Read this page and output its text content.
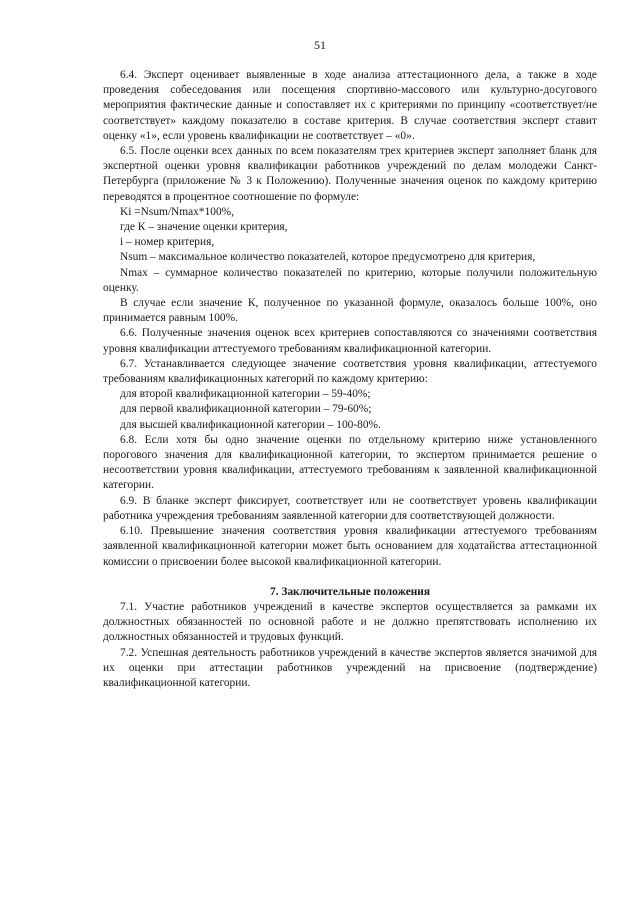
51

6.4. Эксперт оценивает выявленные в ходе анализа аттестационного дела, а также в ходе проведения собеседования или посещения спортивно-массового или культурно-досугового мероприятия фактические данные и сопоставляет их с критериями по принципу «соответствует/не соответствует» каждому показателю в составе критерия. В случае соответствия эксперт ставит оценку «1», если уровень квалификации не соответствует – «0».

6.5. После оценки всех данных по всем показателям трех критериев эксперт заполняет бланк для экспертной оценки уровня квалификации работников учреждений по делам молодежи Санкт-Петербурга (приложение № 3 к Положению). Полученные значения оценок по каждому критерию переводятся в процентное соотношение по формуле:

Ki =Nsum/Nmax*100%,

где К – значение оценки критерия,

i – номер критерия,

Nsum – максимальное количество показателей, которое предусмотрено для критерия,

Nmax – суммарное количество показателей по критерию, которые получили положительную оценку.

В случае если значение К, полученное по указанной формуле, оказалось больше 100%, оно принимается равным 100%.

6.6. Полученные значения оценок всех критериев сопоставляются со значениями соответствия уровня квалификации аттестуемого требованиям квалификационной категории.

6.7. Устанавливается следующее значение соответствия уровня квалификации, аттестуемого требованиям квалификационных категорий по каждому критерию:

для второй квалификационной категории – 59-40%;

для первой квалификационной категории – 79-60%;

для высшей квалификационной категории – 100-80%.

6.8. Если хотя бы одно значение оценки по отдельному критерию ниже установленного порогового значения для квалификационной категории, то экспертом принимается решение о несоответствии уровня квалификации, аттестуемого требованиям к заявленной квалификационной категории.

6.9. В бланке эксперт фиксирует, соответствует или не соответствует уровень квалификации работника учреждения требованиям заявленной категории для соответствующей должности.

6.10. Превышение значения соответствия уровня квалификации аттестуемого требованиям заявленной квалификационной категории может быть основанием для ходатайства аттестационной комиссии о присвоении более высокой квалификационной категории.

7. Заключительные положения

7.1. Участие работников учреждений в качестве экспертов осуществляется за рамками их должностных обязанностей по основной работе и не должно препятствовать исполнению их должностных обязанностей и трудовых функций.

7.2. Успешная деятельность работников учреждений в качестве экспертов является значимой для их оценки при аттестации работников учреждений на присвоение (подтверждение) квалификационной категории.
